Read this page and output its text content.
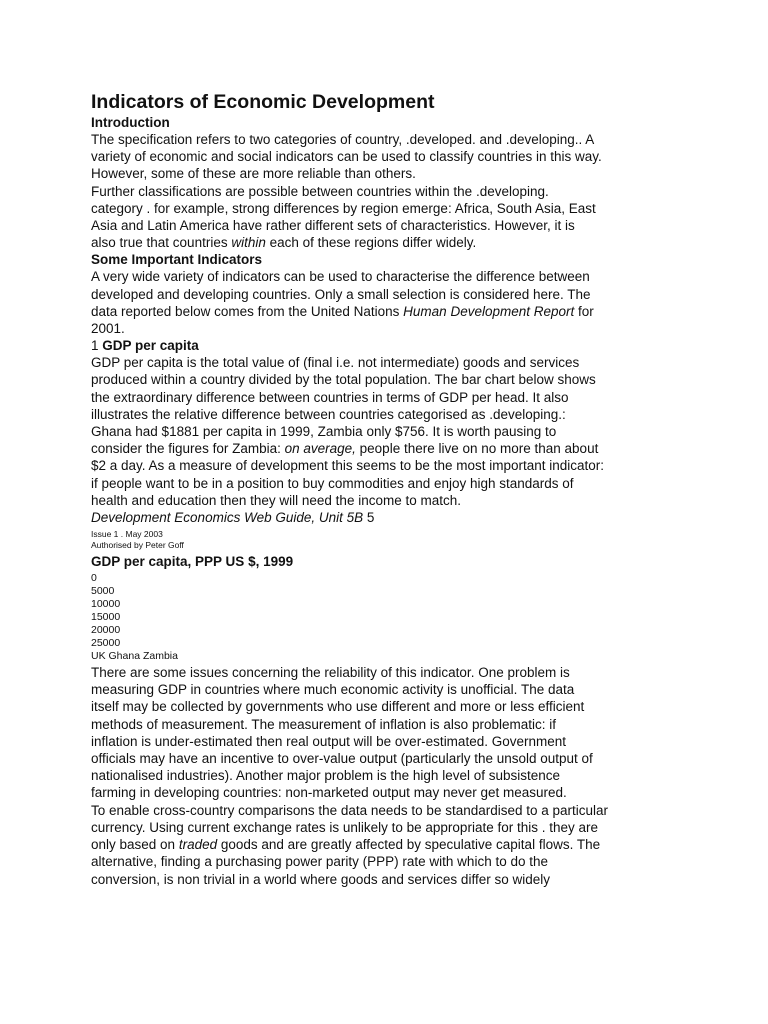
Indicators of Economic Development
Introduction

The specification refers to two categories of country, .developed. and .developing.. A
variety of economic and social indicators can be used to classify countries in this way.
However, some of these are more reliable than others.

Further classifications are possible between countries within the .developing.
category . for example, strong differences by region emerge: Africa, South Asia, East
Asia and Latin America have rather different sets of characteristics. However, it is
also true that countries within each of these regions differ widely.

Some Important Indicators

A very wide variety of indicators can be used to characterise the difference between
developed and developing countries. Only a small selection is considered here. The
data reported below comes from the United Nations Human Development Report for
2001.

1 GDP per capita

GDP per capita is the total value of (final i.e. not intermediate) goods and services
produced within a country divided by the total population. The bar chart below shows
the extraordinary difference between countries in terms of GDP per head. It also
illustrates the relative difference between countries categorised as .developing.:
Ghana had $1881 per capita in 1999, Zambia only $756. It is worth pausing to
consider the figures for Zambia: on average, people there live on no more than about
$2 a day. As a measure of development this seems to be the most important indicator:
if people want to be in a position to buy commodities and enjoy high standards of
health and education then they will need the income to match.

Development Economics Web Guide, Unit 5B 5

Issue 1 . May 2003

Authorised by Peter Goff

GDP per capita, PPP US $, 1999

0

5000

10000

15000

20000

25000

UK Ghana Zambia

There are some issues concerning the reliability of this indicator. One problem is
measuring GDP in countries where much economic activity is unofficial. The data
itself may be collected by governments who use different and more or less efficient
methods of measurement. The measurement of inflation is also problematic: if
inflation is under-estimated then real output will be over-estimated. Government
officials may have an incentive to over-value output (particularly the unsold output of
nationalised industries). Another major problem is the high level of subsistence
farming in developing countries: non-marketed output may never get measured.

To enable cross-country comparisons the data needs to be standardised to a particular
currency. Using current exchange rates is unlikely to be appropriate for this . they are
only based on traded goods and are greatly affected by speculative capital flows. The
alternative, finding a purchasing power parity (PPP) rate with which to do the
conversion, is non trivial in a world where goods and services differ so widely
